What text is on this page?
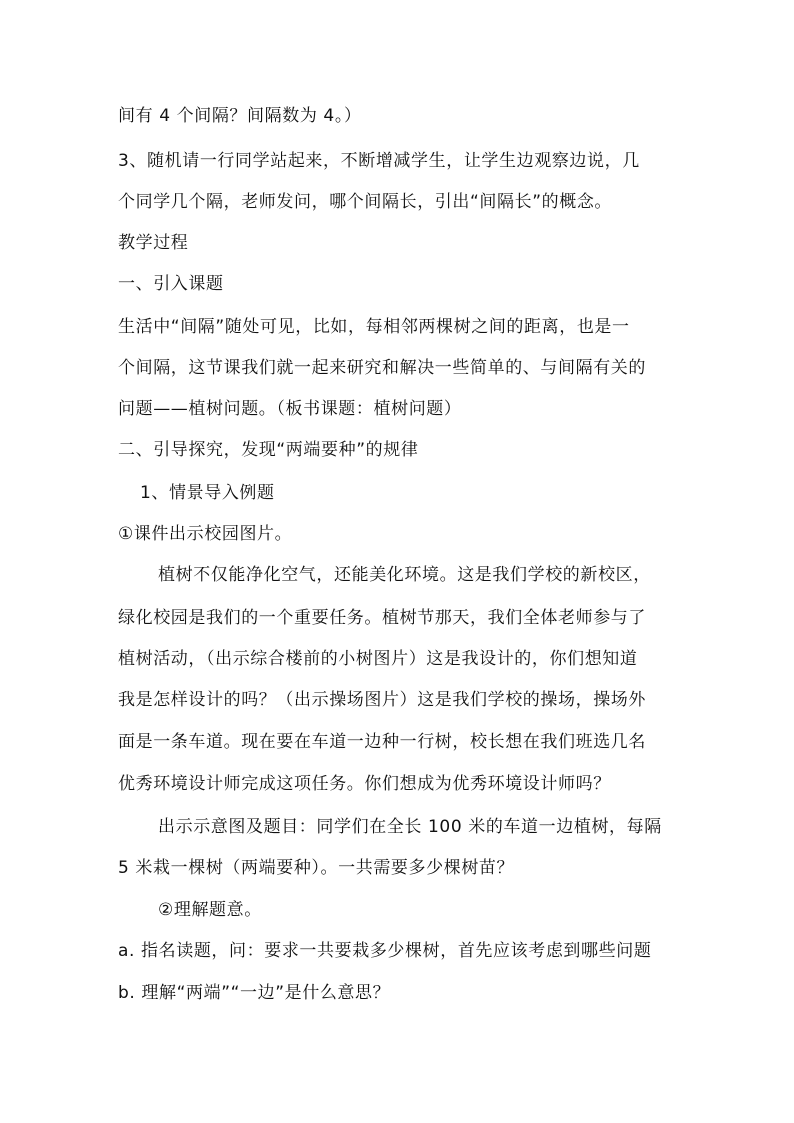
间有 4 个间隔？间隔数为 4。）
3、随机请一行同学站起来，不断增减学生，让学生边观察边说，几
个同学几个隔，老师发问，哪个间隔长，引出“间隔长”的概念。
教学过程
一、引入课题
生活中“间隔”随处可见，比如，每相邻两棵树之间的距离，也是一
个间隔，这节课我们就一起来研究和解决一些简单的、与间隔有关的
问题——植树问题。（板书课题：植树问题）
二、引导探究，发现“两端要种”的规律
1、情景导入例题
①课件出示校园图片。
植树不仅能净化空气，还能美化环境。这是我们学校的新校区，
绿化校园是我们的一个重要任务。植树节那天，我们全体老师参与了
植树活动，（出示综合楼前的小树图片）这是我设计的，你们想知道
我是怎样设计的吗？（出示操场图片）这是我们学校的操场，操场外
面是一条车道。现在要在车道一边种一行树，校长想在我们班选几名
优秀环境设计师完成这项任务。你们想成为优秀环境设计师吗？
出示示意图及题目：同学们在全长 100 米的车道一边植树，每隔
5 米栽一棵树（两端要种）。一共需要多少棵树苗？
②理解题意。
a. 指名读题，问：要求一共要栽多少棵树，首先应该考虑到哪些问题
b. 理解“两端”“一边”是什么意思？
